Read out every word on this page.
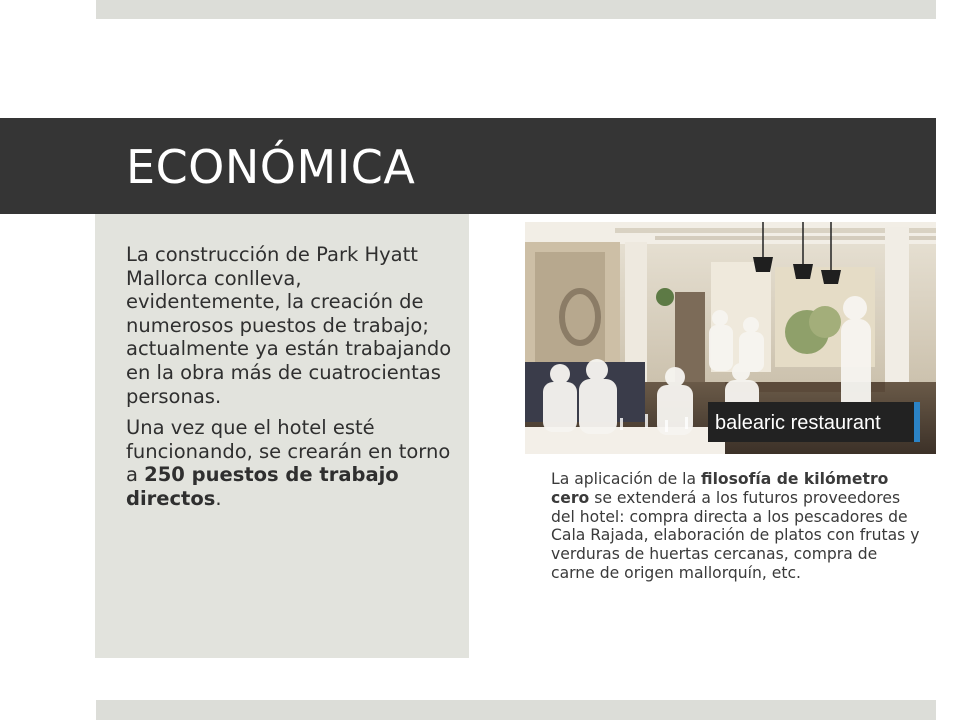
ECONÓMICA

La construcción de Park Hyatt Mallorca conlleva, evidentemente, la creación de numerosos puestos de trabajo; actualmente ya están trabajando en la obra más de cuatrocientas personas.

Una vez que el hotel esté funcionando, se crearán en torno a 250 puestos de trabajo directos.

balearic restaurant

La aplicación de la filosofía de kilómetro cero se extenderá a los futuros proveedores del hotel: compra directa a los pescadores de Cala Rajada, elaboración de platos con frutas y verduras de huertas cercanas, compra de carne de origen mallorquín, etc.
